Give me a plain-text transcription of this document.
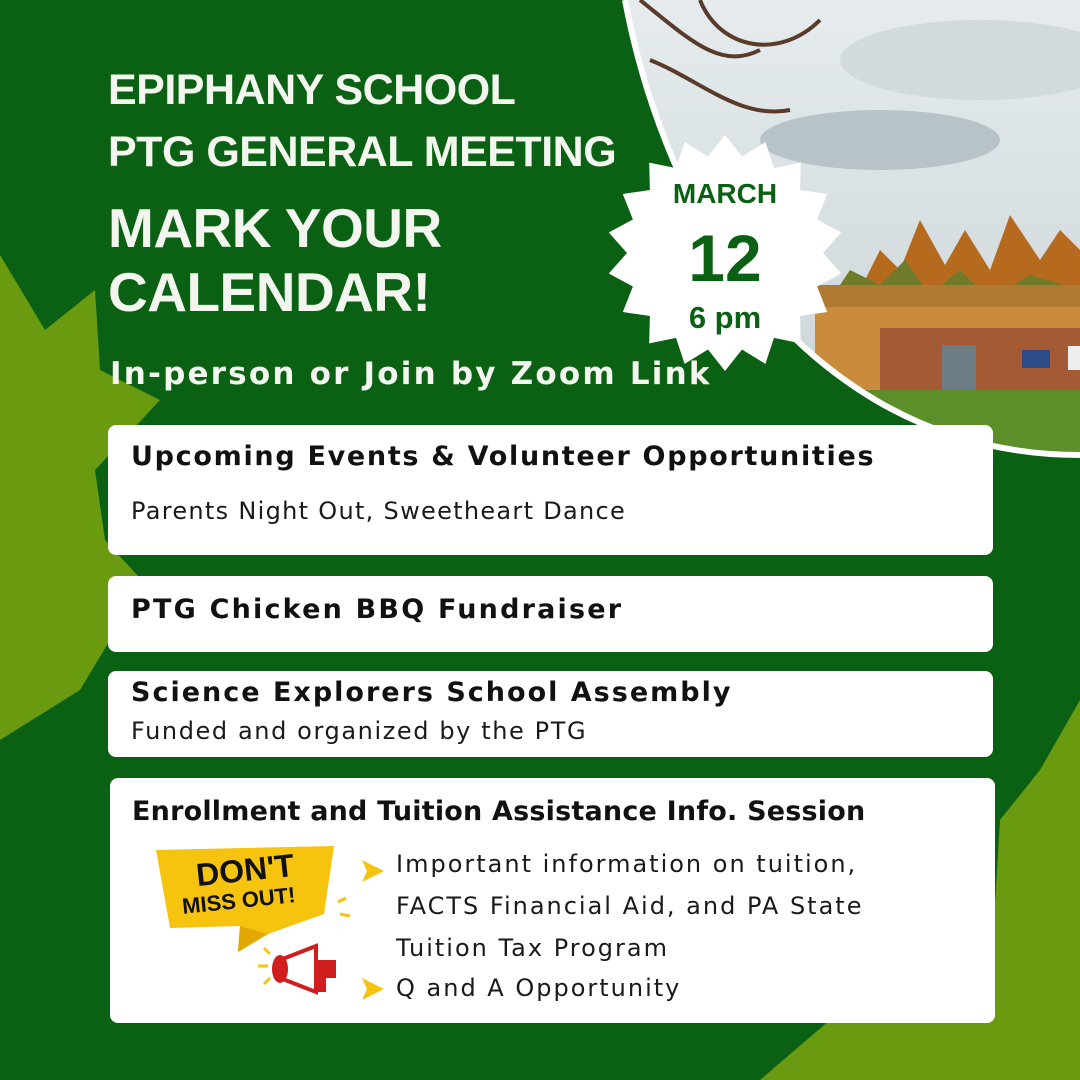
EPIPHANY SCHOOL
PTG GENERAL MEETING
MARK YOUR
CALENDAR!
In-person or Join by Zoom Link
MARCH
12
6 pm
Upcoming Events & Volunteer Opportunities
Parents Night Out, Sweetheart Dance
PTG Chicken BBQ Fundraiser
Science Explorers School Assembly
Funded and organized by the PTG
Enrollment and Tuition Assistance Info. Session
DON'T
MISS OUT!
Important information on tuition,
FACTS Financial Aid, and PA State
Tuition Tax Program
Q and A Opportunity
